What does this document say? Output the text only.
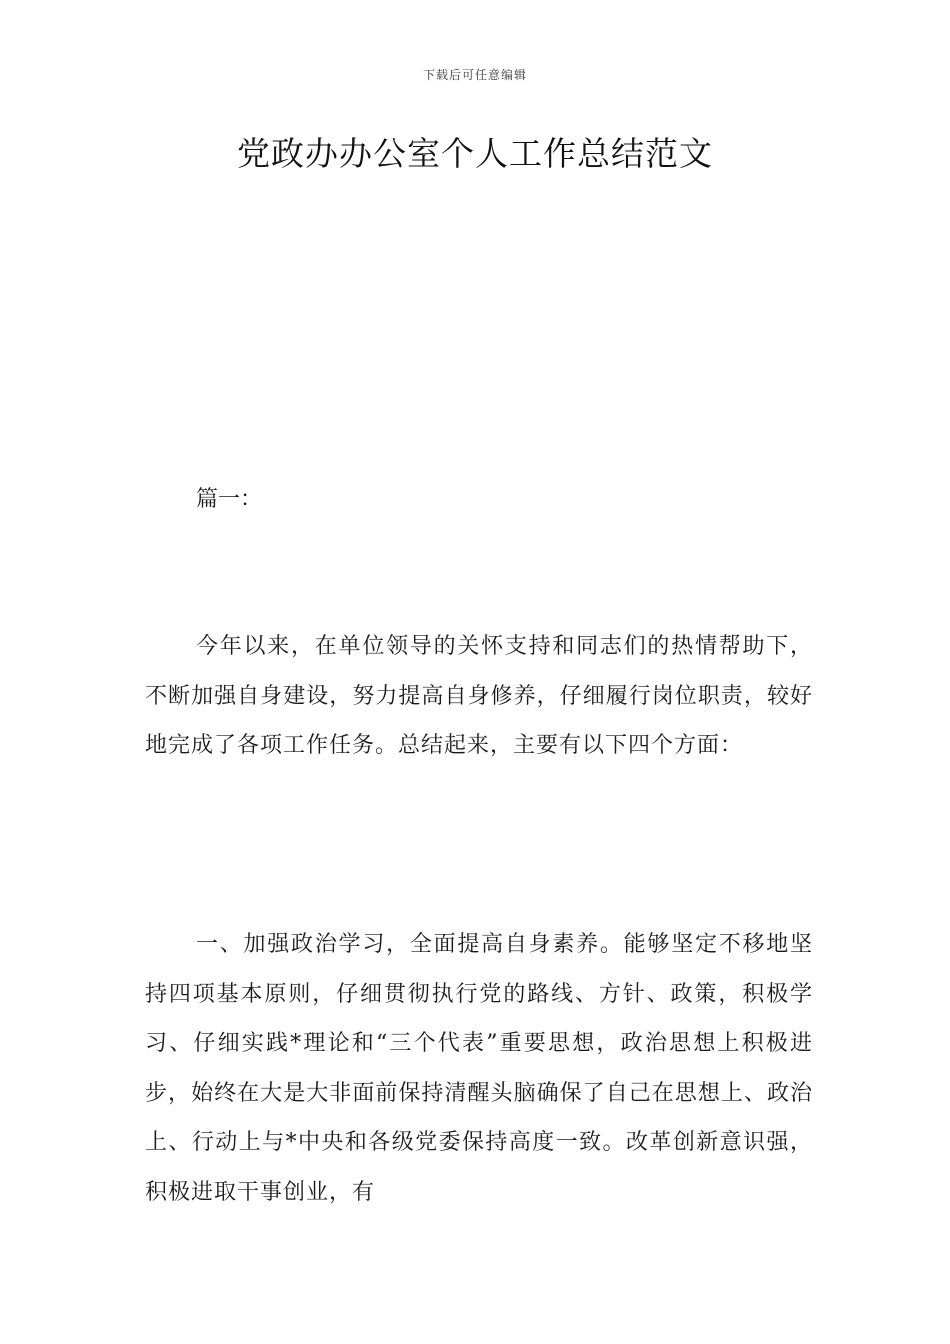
下载后可任意编辑
党政办办公室个人工作总结范文

篇一：

今年以来，在单位领导的关怀支持和同志们的热情帮助下，不断加强自身建设，努力提高自身修养，仔细履行岗位职责，较好地完成了各项工作任务。总结起来，主要有以下四个方面：

一、加强政治学习，全面提高自身素养。能够坚定不移地坚持四项基本原则，仔细贯彻执行党的路线、方针、政策，积极学习、仔细实践*理论和“三个代表”重要思想，政治思想上积极进步，始终在大是大非面前保持清醒头脑确保了自己在思想上、政治上、行动上与*中央和各级党委保持高度一致。改革创新意识强，积极进取干事创业，有
